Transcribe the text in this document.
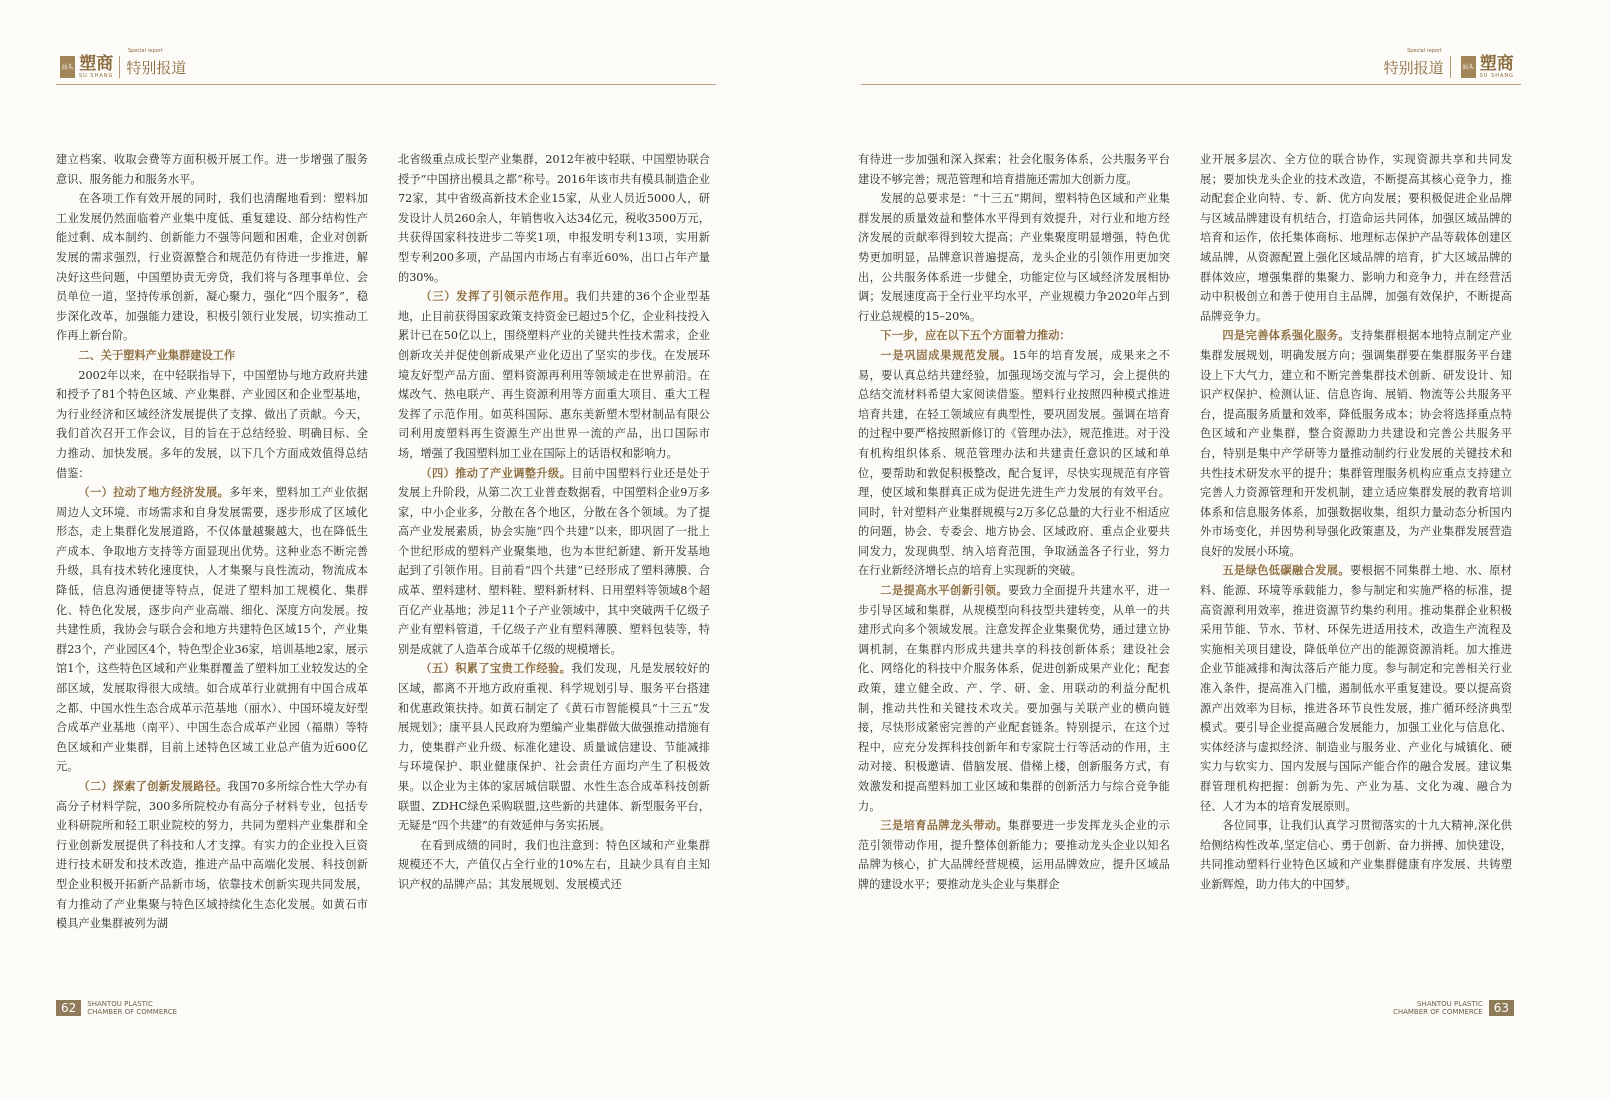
汕头 塑商
SU SHANG
Special report
特别报道

建立档案、收取会费等方面积极开展工作。进一步增强了服务意识、服务能力和服务水平。

在各项工作有效开展的同时，我们也清醒地看到：塑料加工业发展仍然面临着产业集中度低、重复建设、部分结构性产能过剩、成本制约、创新能力不强等问题和困难，企业对创新发展的需求强烈，行业资源整合和规范仍有待进一步推进，解决好这些问题，中国塑协责无旁贷，我们将与各理事单位、会员单位一道，坚持传承创新，凝心聚力，强化“四个服务”，稳步深化改革，加强能力建设，积极引领行业发展，切实推动工作再上新台阶。

二、关于塑料产业集群建设工作

2002年以来，在中轻联指导下，中国塑协与地方政府共建和授予了81个特色区域、产业集群、产业园区和企业型基地，为行业经济和区域经济发展提供了支撑、做出了贡献。今天，我们首次召开工作会议，目的旨在于总结经验、明确目标、全力推动、加快发展。多年的发展，以下几个方面成效值得总结借鉴：

（一）拉动了地方经济发展。多年来，塑料加工产业依据周边人文环境、市场需求和自身发展需要，逐步形成了区域化形态，走上集群化发展道路，不仅体量越聚越大，也在降低生产成本、争取地方支持等方面显现出优势。这种业态不断完善升级，具有技术转化速度快，人才集聚与良性流动，物流成本降低，信息沟通便捷等特点，促进了塑料加工规模化、集群化、特色化发展，逐步向产业高端、细化、深度方向发展。按共建性质，我协会与联合会和地方共建特色区域15个，产业集群23个，产业园区4个，特色型企业36家，培训基地2家，展示馆1个，这些特色区域和产业集群覆盖了塑料加工业较发达的全部区域，发展取得很大成绩。如合成革行业就拥有中国合成革之都、中国水性生态合成革示范基地（丽水）、中国环境友好型合成革产业基地（南平）、中国生态合成革产业园（福鼎）等特色区域和产业集群，目前上述特色区域工业总产值为近600亿元。

（二）探索了创新发展路径。我国70多所综合性大学办有高分子材料学院，300多所院校办有高分子材料专业，包括专业科研院所和轻工职业院校的努力，共同为塑料产业集群和全行业创新发展提供了科技和人才支撑。有实力的企业投入巨资进行技术研发和技术改造，推进产品中高端化发展、科技创新型企业积极开拓新产品新市场，依靠技术创新实现共同发展，有力推动了产业集聚与特色区域持续化生态化发展。如黄石市模具产业集群被列为湖

北省级重点成长型产业集群，2012年被中轻联、中国塑协联合授予“中国挤出模具之都”称号。2016年该市共有模具制造企业72家，其中省级高新技术企业15家，从业人员近5000人，研发设计人员260余人，年销售收入达34亿元，税收3500万元，共获得国家科技进步二等奖1项，申报发明专利13项，实用新型专利200多项，产品国内市场占有率近60%，出口占年产量的30%。

（三）发挥了引领示范作用。我们共建的36个企业型基地，止目前获得国家政策支持资金已超过5个亿，企业科技投入累计已在50亿以上，围绕塑料产业的关键共性技术需求，企业创新攻关并促使创新成果产业化迈出了坚实的步伐。在发展环境友好型产品方面、塑料资源再利用等领域走在世界前沿。在煤改气、热电联产、再生资源利用等方面重大项目、重大工程发挥了示范作用。如英科国际、惠东美新塑木型材制品有限公司利用废塑料再生资源生产出世界一流的产品，出口国际市场，增强了我国塑料加工业在国际上的话语权和影响力。

（四）推动了产业调整升级。目前中国塑料行业还是处于发展上升阶段，从第二次工业普查数据看，中国塑料企业9万多家，中小企业多，分散在各个地区，分散在各个领域。为了提高产业发展素质，协会实施“四个共建”以来，即巩固了一批上个世纪形成的塑料产业聚集地，也为本世纪新建、新开发基地起到了引领作用。目前看“四个共建”已经形成了塑料薄膜、合成革、塑料建材、塑料鞋、塑料新材料、日用塑料等领域8个超百亿产业基地；涉足11个子产业领域中，其中突破两千亿级子产业有塑料管道，千亿级子产业有塑料薄膜、塑料包装等，特别是成就了人造革合成革千亿级的规模增长。

（五）积累了宝贵工作经验。我们发现，凡是发展较好的区域，都离不开地方政府重视、科学规划引导、服务平台搭建和优惠政策扶持。如黄石制定了《黄石市智能模具“十三五”发展规划》；康平县人民政府为塑编产业集群做大做强推动措施有力，使集群产业升级、标准化建设、质量诚信建设、节能减排与环境保护、职业健康保护、社会责任方面均产生了积极效果。以企业为主体的家居城信联盟、水性生态合成革科技创新联盟、ZDHC绿色采购联盟,这些新的共建体、新型服务平台，无疑是“四个共建”的有效延伸与务实拓展。

在看到成绩的同时，我们也注意到：特色区域和产业集群规模还不大，产值仅占全行业的10%左右，且缺少具有自主知识产权的品牌产品；其发展规划、发展模式还

62	SHANTOU PLASTIC
CHAMBER OF COMMERCE
塑商
SU SHANG
汕头
Special report
特别报道

有待进一步加强和深入探索；社会化服务体系，公共服务平台建设不够完善；规范管理和培育措施还需加大创新力度。

发展的总要求是：“十三五”期间，塑料特色区域和产业集群发展的质量效益和整体水平得到有效提升，对行业和地方经济发展的贡献率得到较大提高；产业集聚度明显增强，特色优势更加明显，品牌意识普遍提高，龙头企业的引领作用更加突出，公共服务体系进一步健全，功能定位与区域经济发展相协调；发展速度高于全行业平均水平，产业规模力争2020年占到行业总规模的15–20%。

下一步，应在以下五个方面着力推动：

一是巩固成果规范发展。15年的培育发展，成果来之不易，要认真总结共建经验，加强现场交流与学习，会上提供的总结交流材料希望大家阅读借鉴。塑料行业按照四种模式推进培育共建，在轻工领域应有典型性，要巩固发展。强调在培育的过程中要严格按照新修订的《管理办法》，规范推进。对于没有机构组织体系、规范管理办法和共建责任意识的区域和单位，要帮助和敦促积极整改，配合复评，尽快实现规范有序管理，使区域和集群真正成为促进先进生产力发展的有效平台。同时，针对塑料产业集群规模与2万多亿总量的大行业不相适应的问题，协会、专委会、地方协会、区域政府、重点企业要共同发力，发现典型、纳入培育范围，争取涵盖各子行业，努力在行业新经济增长点的培育上实现新的突破。

二是提高水平创新引领。要致力全面提升共建水平，进一步引导区域和集群，从规模型向科技型共建转变，从单一的共建形式向多个领域发展。注意发挥企业集聚优势，通过建立协调机制，在集群内形成共建共享的科技创新体系；建设社会化、网络化的科技中介服务体系，促进创新成果产业化；配套政策，建立健全政、产、学、研、金、用联动的利益分配机制，推动共性和关键技术攻关。要加强与关联产业的横向链接，尽快形成紧密完善的产业配套链条。特别提示，在这个过程中，应充分发挥科技创新年和专家院士行等活动的作用，主动对接、积极邀请、借脑发展、借梯上楼，创新服务方式，有效激发和提高塑料加工业区域和集群的创新活力与综合竞争能力。

三是培育品牌龙头带动。集群要进一步发挥龙头企业的示范引领带动作用，提升整体创新能力；要推动龙头企业以知名品牌为核心，扩大品牌经营规模，运用品牌效应，提升区域品牌的建设水平；要推动龙头企业与集群企

业开展多层次、全方位的联合协作，实现资源共享和共同发展；要加快龙头企业的技术改造，不断提高其核心竞争力，推动配套企业向特、专、新、优方向发展；要积极促进企业品牌与区域品牌建设有机结合，打造命运共同体，加强区域品牌的培育和运作，依托集体商标、地理标志保护产品等载体创建区域品牌，从资源配置上强化区域品牌的培育，扩大区域品牌的群体效应，增强集群的集聚力、影响力和竞争力，并在经营活动中积极创立和善于使用自主品牌，加强有效保护，不断提高品牌竞争力。

四是完善体系强化服务。支持集群根据本地特点制定产业集群发展规划，明确发展方向；强调集群要在集群服务平台建设上下大气力，建立和不断完善集群技术创新、研发设计、知识产权保护、检测认证、信息咨询、展销、物流等公共服务平台，提高服务质量和效率，降低服务成本；协会将选择重点特色区域和产业集群，整合资源助力共建设和完善公共服务平台，特别是集中产学研等力量推动制约行业发展的关键技术和共性技术研发水平的提升；集群管理服务机构应重点支持建立完善人力资源管理和开发机制，建立适应集群发展的教育培训体系和信息服务体系，加强数据收集，组织力量动态分析国内外市场变化，并因势利导强化政策惠及，为产业集群发展营造良好的发展小环境。

五是绿色低碳融合发展。要根据不同集群土地、水、原材料、能源、环境等承载能力，参与制定和实施严格的标准，提高资源利用效率，推进资源节约集约利用。推动集群企业积极采用节能、节水、节材、环保先进适用技术，改造生产流程及实施相关项目建设，降低单位产出的能源资源消耗。加大推进企业节能减排和淘汰落后产能力度。参与制定和完善相关行业准入条件，提高准入门槛，遏制低水平重复建设。要以提高资源产出效率为目标，推进各环节良性发展，推广循环经济典型模式。要引导企业提高融合发展能力，加强工业化与信息化、实体经济与虚拟经济、制造业与服务业、产业化与城镇化、硬实力与软实力、国内发展与国际产能合作的融合发展。建议集群管理机构把握：创新为先、产业为基、文化为魂、融合为径、人才为本的培育发展原则。

各位同事，让我们认真学习贯彻落实的十九大精神,深化供给侧结构性改革,坚定信心、勇于创新、奋力拼搏、加快建设，共同推动塑料行业特色区域和产业集群健康有序发展、共铸塑业新辉煌，助力伟大的中国梦。

63
SHANTOU PLASTIC
CHAMBER OF COMMERCE
